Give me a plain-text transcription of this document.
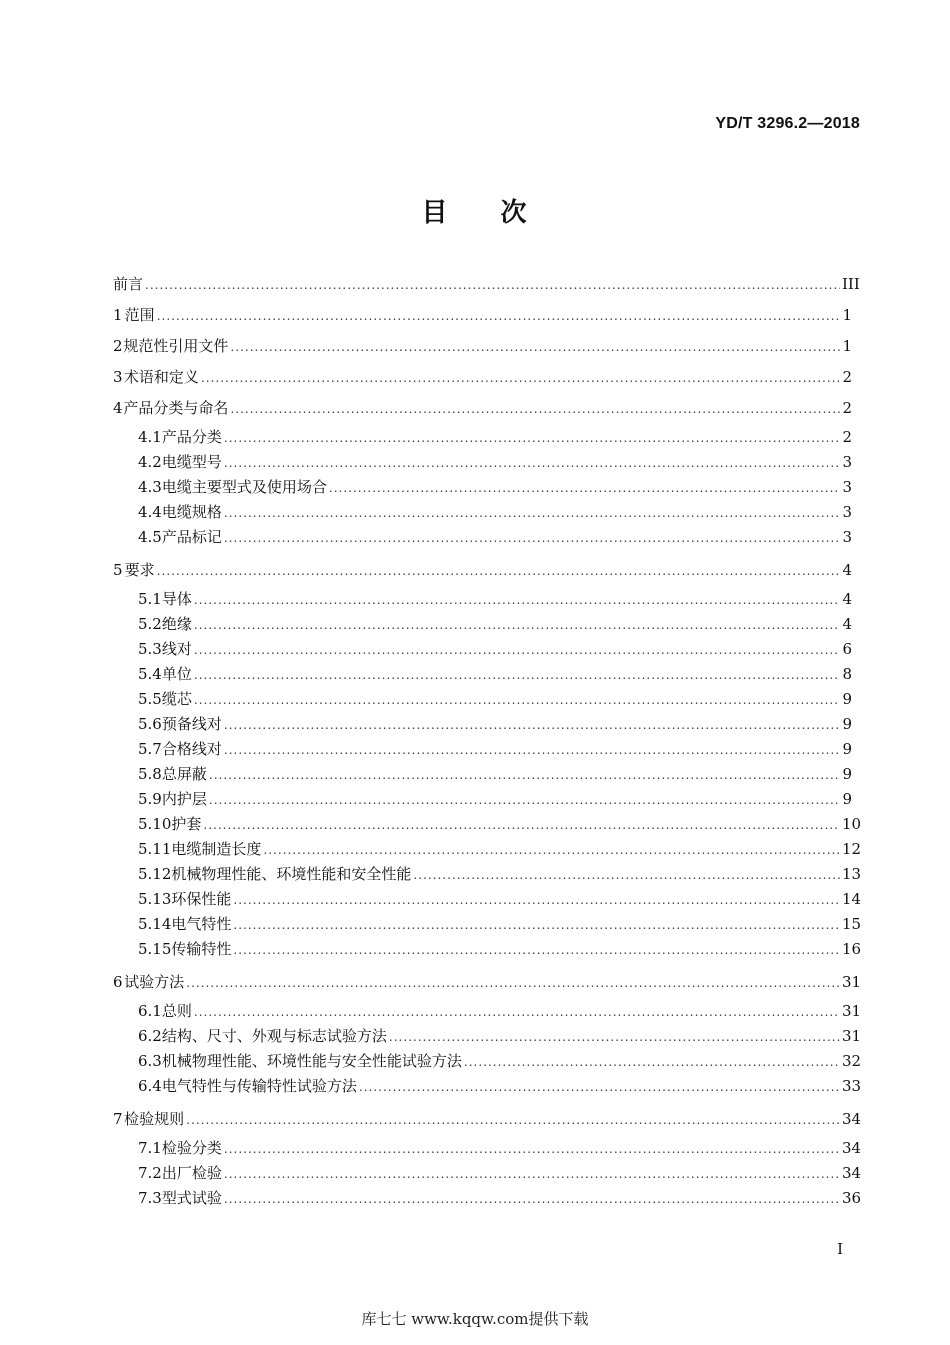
YD/T 3296.2—2018
目 次
前言 .....	III
1 范围 .....	1
2 规范性引用文件 .....	1
3 术语和定义 .....	2
4 产品分类与命名 .....	2
4.1 产品分类 .....	2
4.2 电缆型号 .....	3
4.3 电缆主要型式及使用场合 .....	3
4.4 电缆规格 .....	3
4.5 产品标记 .....	3
5 要求 .....	4
5.1 导体 .....	4
5.2 绝缘 .....	4
5.3 线对 .....	6
5.4 单位 .....	8
5.5 缆芯 .....	9
5.6 预备线对 .....	9
5.7 合格线对 .....	9
5.8 总屏蔽 .....	9
5.9 内护层 .....	9
5.10 护套 .....	10
5.11 电缆制造长度 .....	12
5.12 机械物理性能、环境性能和安全性能 .....	13
5.13 环保性能 .....	14
5.14 电气特性 .....	15
5.15 传输特性 .....	16
6 试验方法 .....	31
6.1 总则 .....	31
6.2 结构、尺寸、外观与标志试验方法 .....	31
6.3 机械物理性能、环境性能与安全性能试验方法 .....	32
6.4 电气特性与传输特性试验方法 .....	33
7 检验规则 .....	34
7.1 检验分类 .....	34
7.2 出厂检验 .....	34
7.3 型式试验 .....	36
I
库七七 www.kqqw.com提供下载
